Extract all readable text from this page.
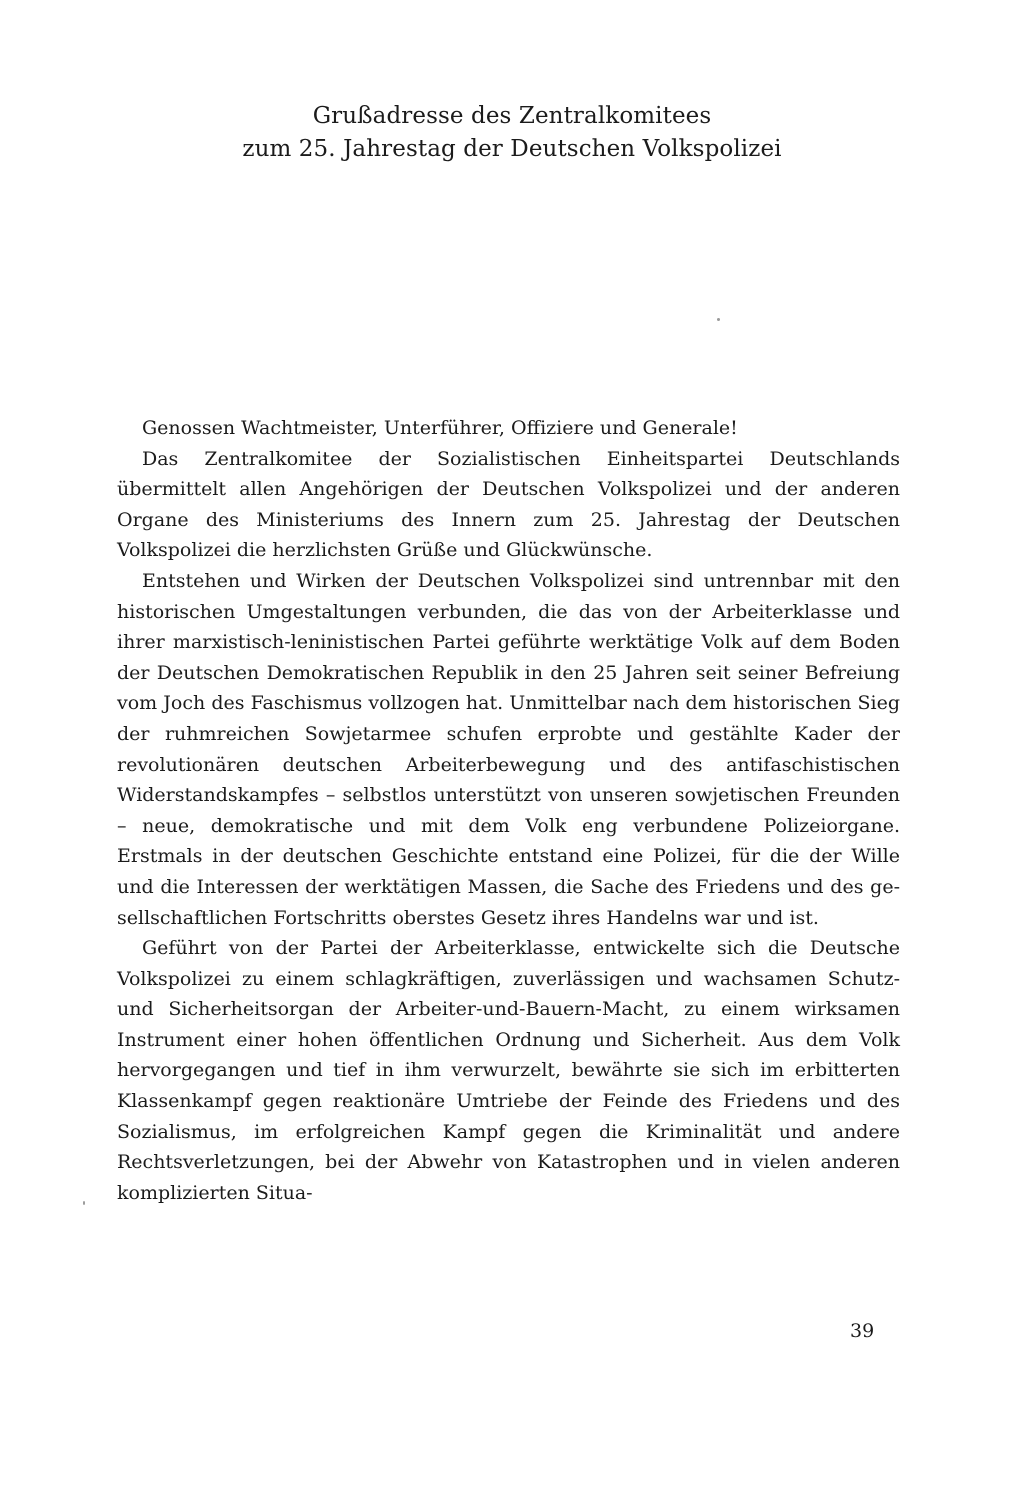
Grußadresse des Zentralkomitees
zum 25. Jahrestag der Deutschen Volkspolizei

Genossen Wachtmeister, Unterführer, Offiziere und Generale!

Das Zentralkomitee der Sozialistischen Einheitspartei Deutschlands übermittelt allen Angehörigen der Deutschen Volkspolizei und der anderen Organe des Ministeriums des Innern zum 25. Jahrestag der Deutschen Volkspolizei die herzlichsten Grüße und Glückwünsche.

Entstehen und Wirken der Deutschen Volkspolizei sind untrennbar mit den historischen Umgestaltungen verbunden, die das von der Arbeiterklasse und ihrer marxistisch-leninistischen Partei geführte werktätige Volk auf dem Boden der Deutschen Demokratischen Republik in den 25 Jahren seit seiner Befreiung vom Joch des Faschismus vollzogen hat. Unmittelbar nach dem historischen Sieg der ruhmreichen Sowjetarmee schufen erprobte und gestählte Kader der revolutionären deutschen Arbeiterbewegung und des antifaschistischen Widerstandskampfes – selbstlos unterstützt von unseren sowjetischen Freunden – neue, demokratische und mit dem Volk eng verbundene Polizeiorgane. Erstmals in der deutschen Geschichte entstand eine Polizei, für die der Wille und die Interessen der werktätigen Massen, die Sache des Friedens und des gesellschaftlichen Fortschritts oberstes Gesetz ihres Handelns war und ist.

Geführt von der Partei der Arbeiterklasse, entwickelte sich die Deutsche Volkspolizei zu einem schlagkräftigen, zuverlässigen und wachsamen Schutz- und Sicherheitsorgan der Arbeiter-und-Bauern-Macht, zu einem wirksamen Instrument einer hohen öffentlichen Ordnung und Sicherheit. Aus dem Volk hervorgegangen und tief in ihm verwurzelt, bewährte sie sich im erbitterten Klassenkampf gegen reaktionäre Umtriebe der Feinde des Friedens und des Sozialismus, im erfolgreichen Kampf gegen die Kriminalität und andere Rechtsverletzungen, bei der Abwehr von Katastrophen und in vielen anderen komplizierten Situa-

39
